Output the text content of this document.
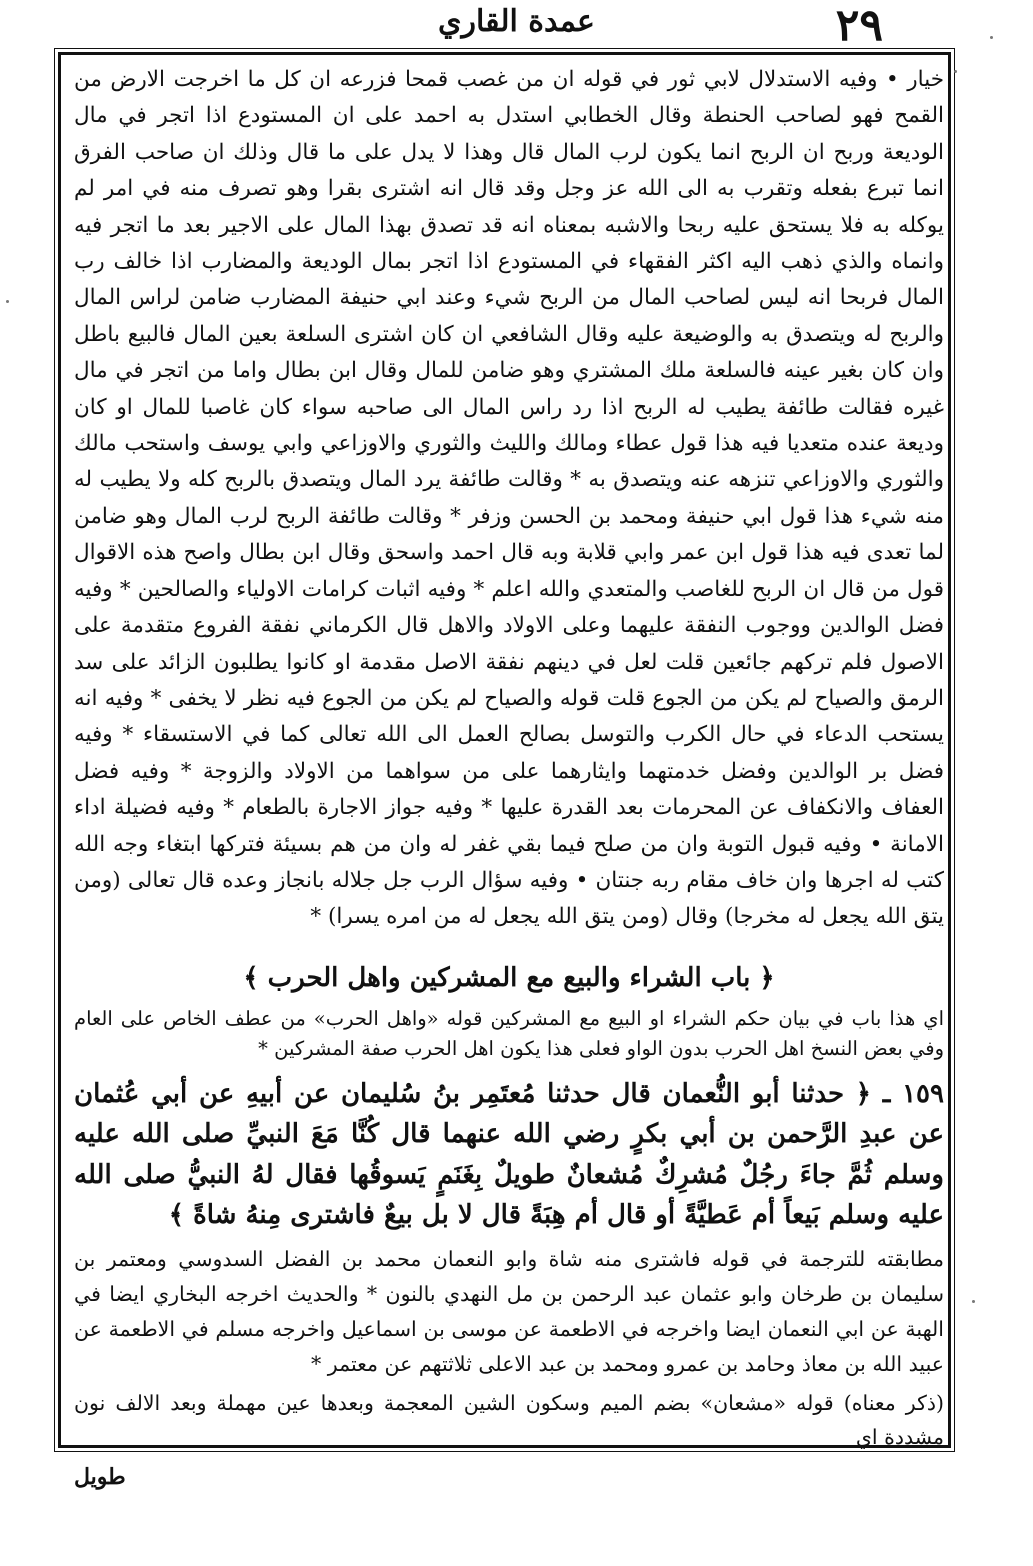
٢٩
عمدة القاري

خيار • وفيه الاستدلال لابي ثور في قوله ان من غصب قمحا فزرعه ان كل ما اخرجت الارض من القمح فهو لصاحب الحنطة وقال الخطابي استدل به احمد على ان المستودع اذا اتجر في مال الوديعة وربح ان الربح انما يكون لرب المال قال وهذا لا يدل على ما قال وذلك ان صاحب الفرق انما تبرع بفعله وتقرب به الى الله عز وجل وقد قال انه اشترى بقرا وهو تصرف منه في امر لم يوكله به فلا يستحق عليه ربحا والاشبه بمعناه انه قد تصدق بهذا المال على الاجير بعد ما اتجر فيه وانماه والذي ذهب اليه اكثر الفقهاء في المستودع اذا اتجر بمال الوديعة والمضارب اذا خالف رب المال فربحا انه ليس لصاحب المال من الربح شيء وعند ابي حنيفة المضارب ضامن لراس المال والربح له ويتصدق به والوضيعة عليه وقال الشافعي ان كان اشترى السلعة بعين المال فالبيع باطل وان كان بغير عينه فالسلعة ملك المشتري وهو ضامن للمال وقال ابن بطال واما من اتجر في مال غيره فقالت طائفة يطيب له الربح اذا رد راس المال الى صاحبه سواء كان غاصبا للمال او كان وديعة عنده متعديا فيه هذا قول عطاء ومالك والليث والثوري والاوزاعي وابي يوسف واستحب مالك والثوري والاوزاعي تنزهه عنه ويتصدق به * وقالت طائفة يرد المال ويتصدق بالربح كله ولا يطيب له منه شيء هذا قول ابي حنيفة ومحمد بن الحسن وزفر * وقالت طائفة الربح لرب المال وهو ضامن لما تعدى فيه هذا قول ابن عمر وابي قلابة وبه قال احمد واسحق وقال ابن بطال واصح هذه الاقوال قول من قال ان الربح للغاصب والمتعدي والله اعلم * وفيه اثبات كرامات الاولياء والصالحين * وفيه فضل الوالدين ووجوب النفقة عليهما وعلى الاولاد والاهل قال الكرماني نفقة الفروع متقدمة على الاصول فلم تركهم جائعين قلت لعل في دينهم نفقة الاصل مقدمة او كانوا يطلبون الزائد على سد الرمق والصياح لم يكن من الجوع قلت قوله والصياح لم يكن من الجوع فيه نظر لا يخفى * وفيه انه يستحب الدعاء في حال الكرب والتوسل بصالح العمل الى الله تعالى كما في الاستسقاء * وفيه فضل بر الوالدين وفضل خدمتهما وايثارهما على من سواهما من الاولاد والزوجة * وفيه فضل العفاف والانكفاف عن المحرمات بعد القدرة عليها * وفيه جواز الاجارة بالطعام * وفيه فضيلة اداء الامانة • وفيه قبول التوبة وان من صلح فيما بقي غفر له وان من هم بسيئة فتركها ابتغاء وجه الله كتب له اجرها وان خاف مقام ربه جنتان • وفيه سؤال الرب جل جلاله بانجاز وعده قال تعالى (ومن يتق الله يجعل له مخرجا) وقال (ومن يتق الله يجعل له من امره يسرا) *

﴿ باب الشراء والبيع مع المشركين واهل الحرب ﴾

اي هذا باب في بيان حكم الشراء او البيع مع المشركين قوله «واهل الحرب» من عطف الخاص على العام وفي بعض النسخ اهل الحرب بدون الواو فعلى هذا يكون اهل الحرب صفة المشركين *

١٥٩ ـ ﴿ حدثنا أبو النُّعمان قال حدثنا مُعتَمِر بنُ سُليمان عن أبيهِ عن أبي عُثمان عن عبدِ الرَّحمن بن أبي بكرٍ رضي الله عنهما قال كُنَّا مَعَ النبيِّ صلى الله عليه وسلم ثُمَّ جاءَ رجُلٌ مُشرِكٌ مُشعانٌ طويلٌ بِغَنَمٍ يَسوقُها فقال لهُ النبيُّ صلى الله عليه وسلم بَيعاً أم عَطيَّةً أو قال أم هِبَةً قال لا بل بيعٌ فاشترى مِنهُ شاةً ﴾

مطابقته للترجمة في قوله فاشترى منه شاة وابو النعمان محمد بن الفضل السدوسي ومعتمر بن سليمان بن طرخان وابو عثمان عبد الرحمن بن مل النهدي بالنون * والحديث اخرجه البخاري ايضا في الهبة عن ابي النعمان ايضا واخرجه في الاطعمة عن موسى بن اسماعيل واخرجه مسلم في الاطعمة عن عبيد الله بن معاذ وحامد بن عمرو ومحمد بن عبد الاعلى ثلاثتهم عن معتمر *

(ذكر معناه) قوله «مشعان» بضم الميم وسكون الشين المعجمة وبعدها عين مهملة وبعد الالف نون مشددة اي

طويل
